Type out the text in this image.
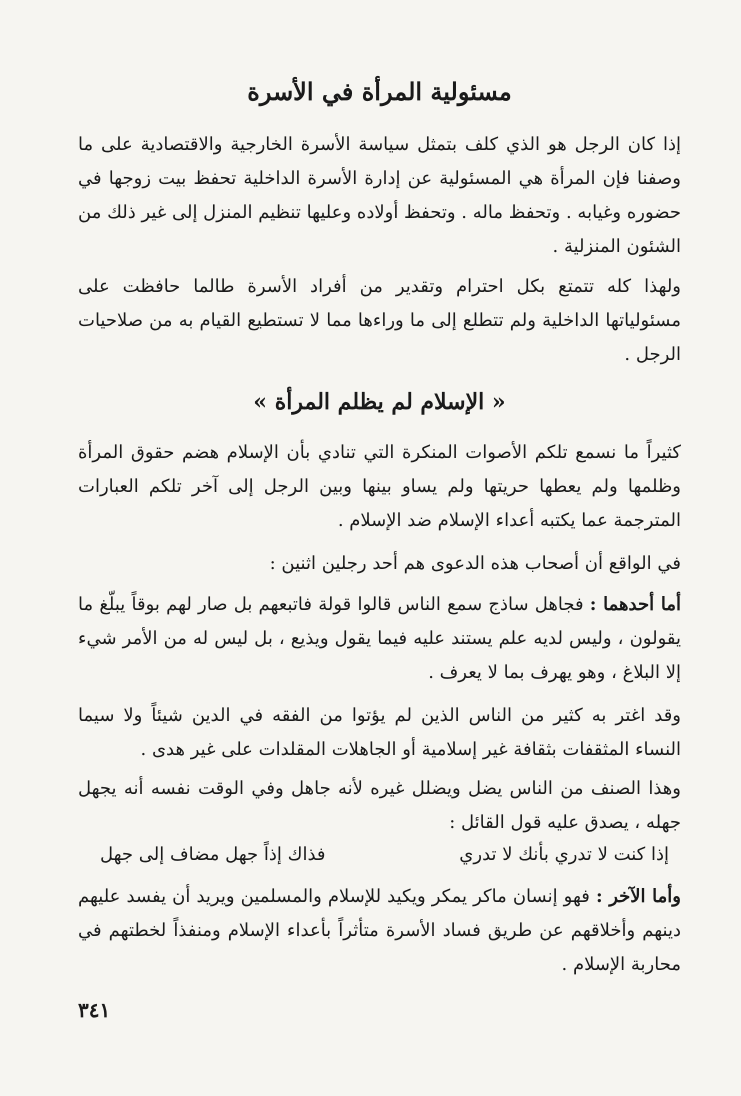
مسئولية المرأة في الأسرة

إذا كان الرجل هو الذي كلف بتمثل سياسة الأسرة الخارجية والاقتصادية على ما وصفنا فإن المرأة هي المسئولية عن إدارة الأسرة الداخلية تحفظ بيت زوجها في حضوره وغيابه . وتحفظ ماله . وتحفظ أولاده وعليها تنظيم المنزل إلى غير ذلك من الشئون المنزلية .

ولهذا كله تتمتع بكل احترام وتقدير من أفراد الأسرة طالما حافظت على مسئولياتها الداخلية ولم تتطلع إلى ما وراءها مما لا تستطيع القيام به من صلاحيات الرجل .

« الإسلام لم يظلم المرأة »

كثيراً ما نسمع تلكم الأصوات المنكرة التي تنادي بأن الإسلام هضم حقوق المرأة وظلمها ولم يعطها حريتها ولم يساو بينها وبين الرجل إلى آخر تلكم العبارات المترجمة عما يكتبه أعداء الإسلام ضد الإسلام .

في الواقع أن أصحاب هذه الدعوى هم أحد رجلين اثنين :

أما أحدهما : فجاهل ساذج سمع الناس قالوا قولة فاتبعهم بل صار لهم بوقاً يبلّغ ما يقولون ، وليس لديه علم يستند عليه فيما يقول ويذيع ، بل ليس له من الأمر شيء إلا البلاغ ، وهو يهرف بما لا يعرف .

وقد اغتر به كثير من الناس الذين لم يؤتوا من الفقه في الدين شيئاً ولا سيما النساء المثقفات بثقافة غير إسلامية أو الجاهلات المقلدات على غير هدى .

وهذا الصنف من الناس يضل ويضلل غيره لأنه جاهل وفي الوقت نفسه أنه يجهل جهله ، يصدق عليه قول القائل :

إذا كنت لا تدري بأنك لا تدري
فذاك إذاً جهل مضاف إلى جهل

وأما الآخر : فهو إنسان ماكر يمكر ويكيد للإسلام والمسلمين ويريد أن يفسد عليهم دينهم وأخلاقهم عن طريق فساد الأسرة متأثراً بأعداء الإسلام ومنفذاً لخطتهم في محاربة الإسلام .

٣٤١
